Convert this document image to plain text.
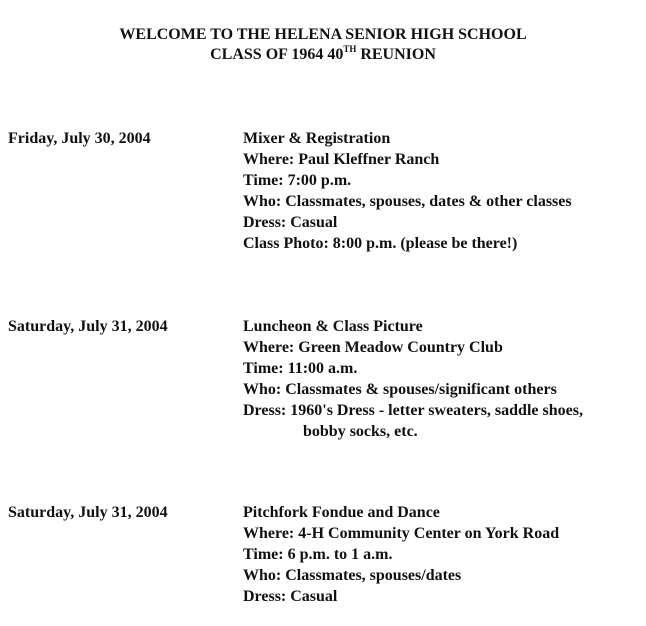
WELCOME TO THE HELENA SENIOR HIGH SCHOOL
CLASS OF 1964 40TH REUNION
Friday, July 30, 2004	Mixer & Registration
Where: Paul Kleffner Ranch
Time: 7:00 p.m.
Who: Classmates, spouses, dates & other classes
Dress: Casual
Class Photo: 8:00 p.m. (please be there!)
Saturday, July 31, 2004	Luncheon & Class Picture
Where: Green Meadow Country Club
Time: 11:00 a.m.
Who: Classmates & spouses/significant others
Dress: 1960's Dress - letter sweaters, saddle shoes,
bobby socks, etc.
Saturday, July 31, 2004	Pitchfork Fondue and Dance
Where: 4-H Community Center on York Road
Time: 6 p.m. to 1 a.m.
Who: Classmates, spouses/dates
Dress: Casual
